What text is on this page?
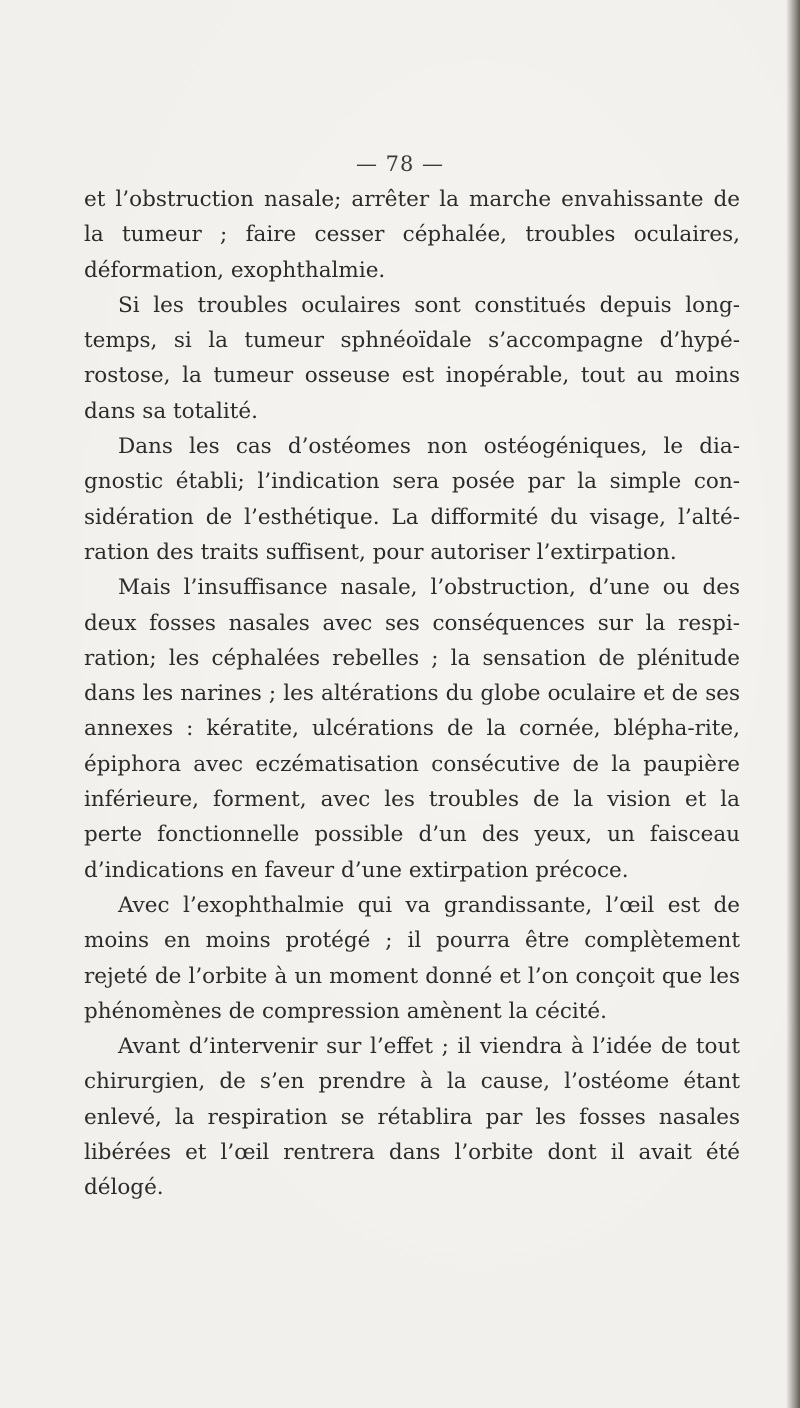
— 78 —

et l’obstruction nasale; arrêter la marche envahissante de la tumeur ; faire cesser céphalée, troubles oculaires, déformation, exophthalmie.

Si les troubles oculaires sont constitués depuis long-temps, si la tumeur sphnéoïdale s’accompagne d’hypé-rostose, la tumeur osseuse est inopérable, tout au moins dans sa totalité.

Dans les cas d’ostéomes non ostéogéniques, le dia-gnostic établi; l’indication sera posée par la simple con-sidération de l’esthétique. La difformité du visage, l’alté-ration des traits suffisent, pour autoriser l’extirpation.

Mais l’insuffisance nasale, l’obstruction, d’une ou des deux fosses nasales avec ses conséquences sur la respi-ration; les céphalées rebelles ; la sensation de plénitude dans les narines ; les altérations du globe oculaire et de ses annexes : kératite, ulcérations de la cornée, blépha-rite, épiphora avec eczématisation consécutive de la paupière inférieure, forment, avec les troubles de la vision et la perte fonctionnelle possible d’un des yeux, un faisceau d’indications en faveur d’une extirpation précoce.

Avec l’exophthalmie qui va grandissante, l’œil est de moins en moins protégé ; il pourra être complètement rejeté de l’orbite à un moment donné et l’on conçoit que les phénomènes de compression amènent la cécité.

Avant d’intervenir sur l’effet ; il viendra à l’idée de tout chirurgien, de s’en prendre à la cause, l’ostéome étant enlevé, la respiration se rétablira par les fosses nasales libérées et l’œil rentrera dans l’orbite dont il avait été délogé.
